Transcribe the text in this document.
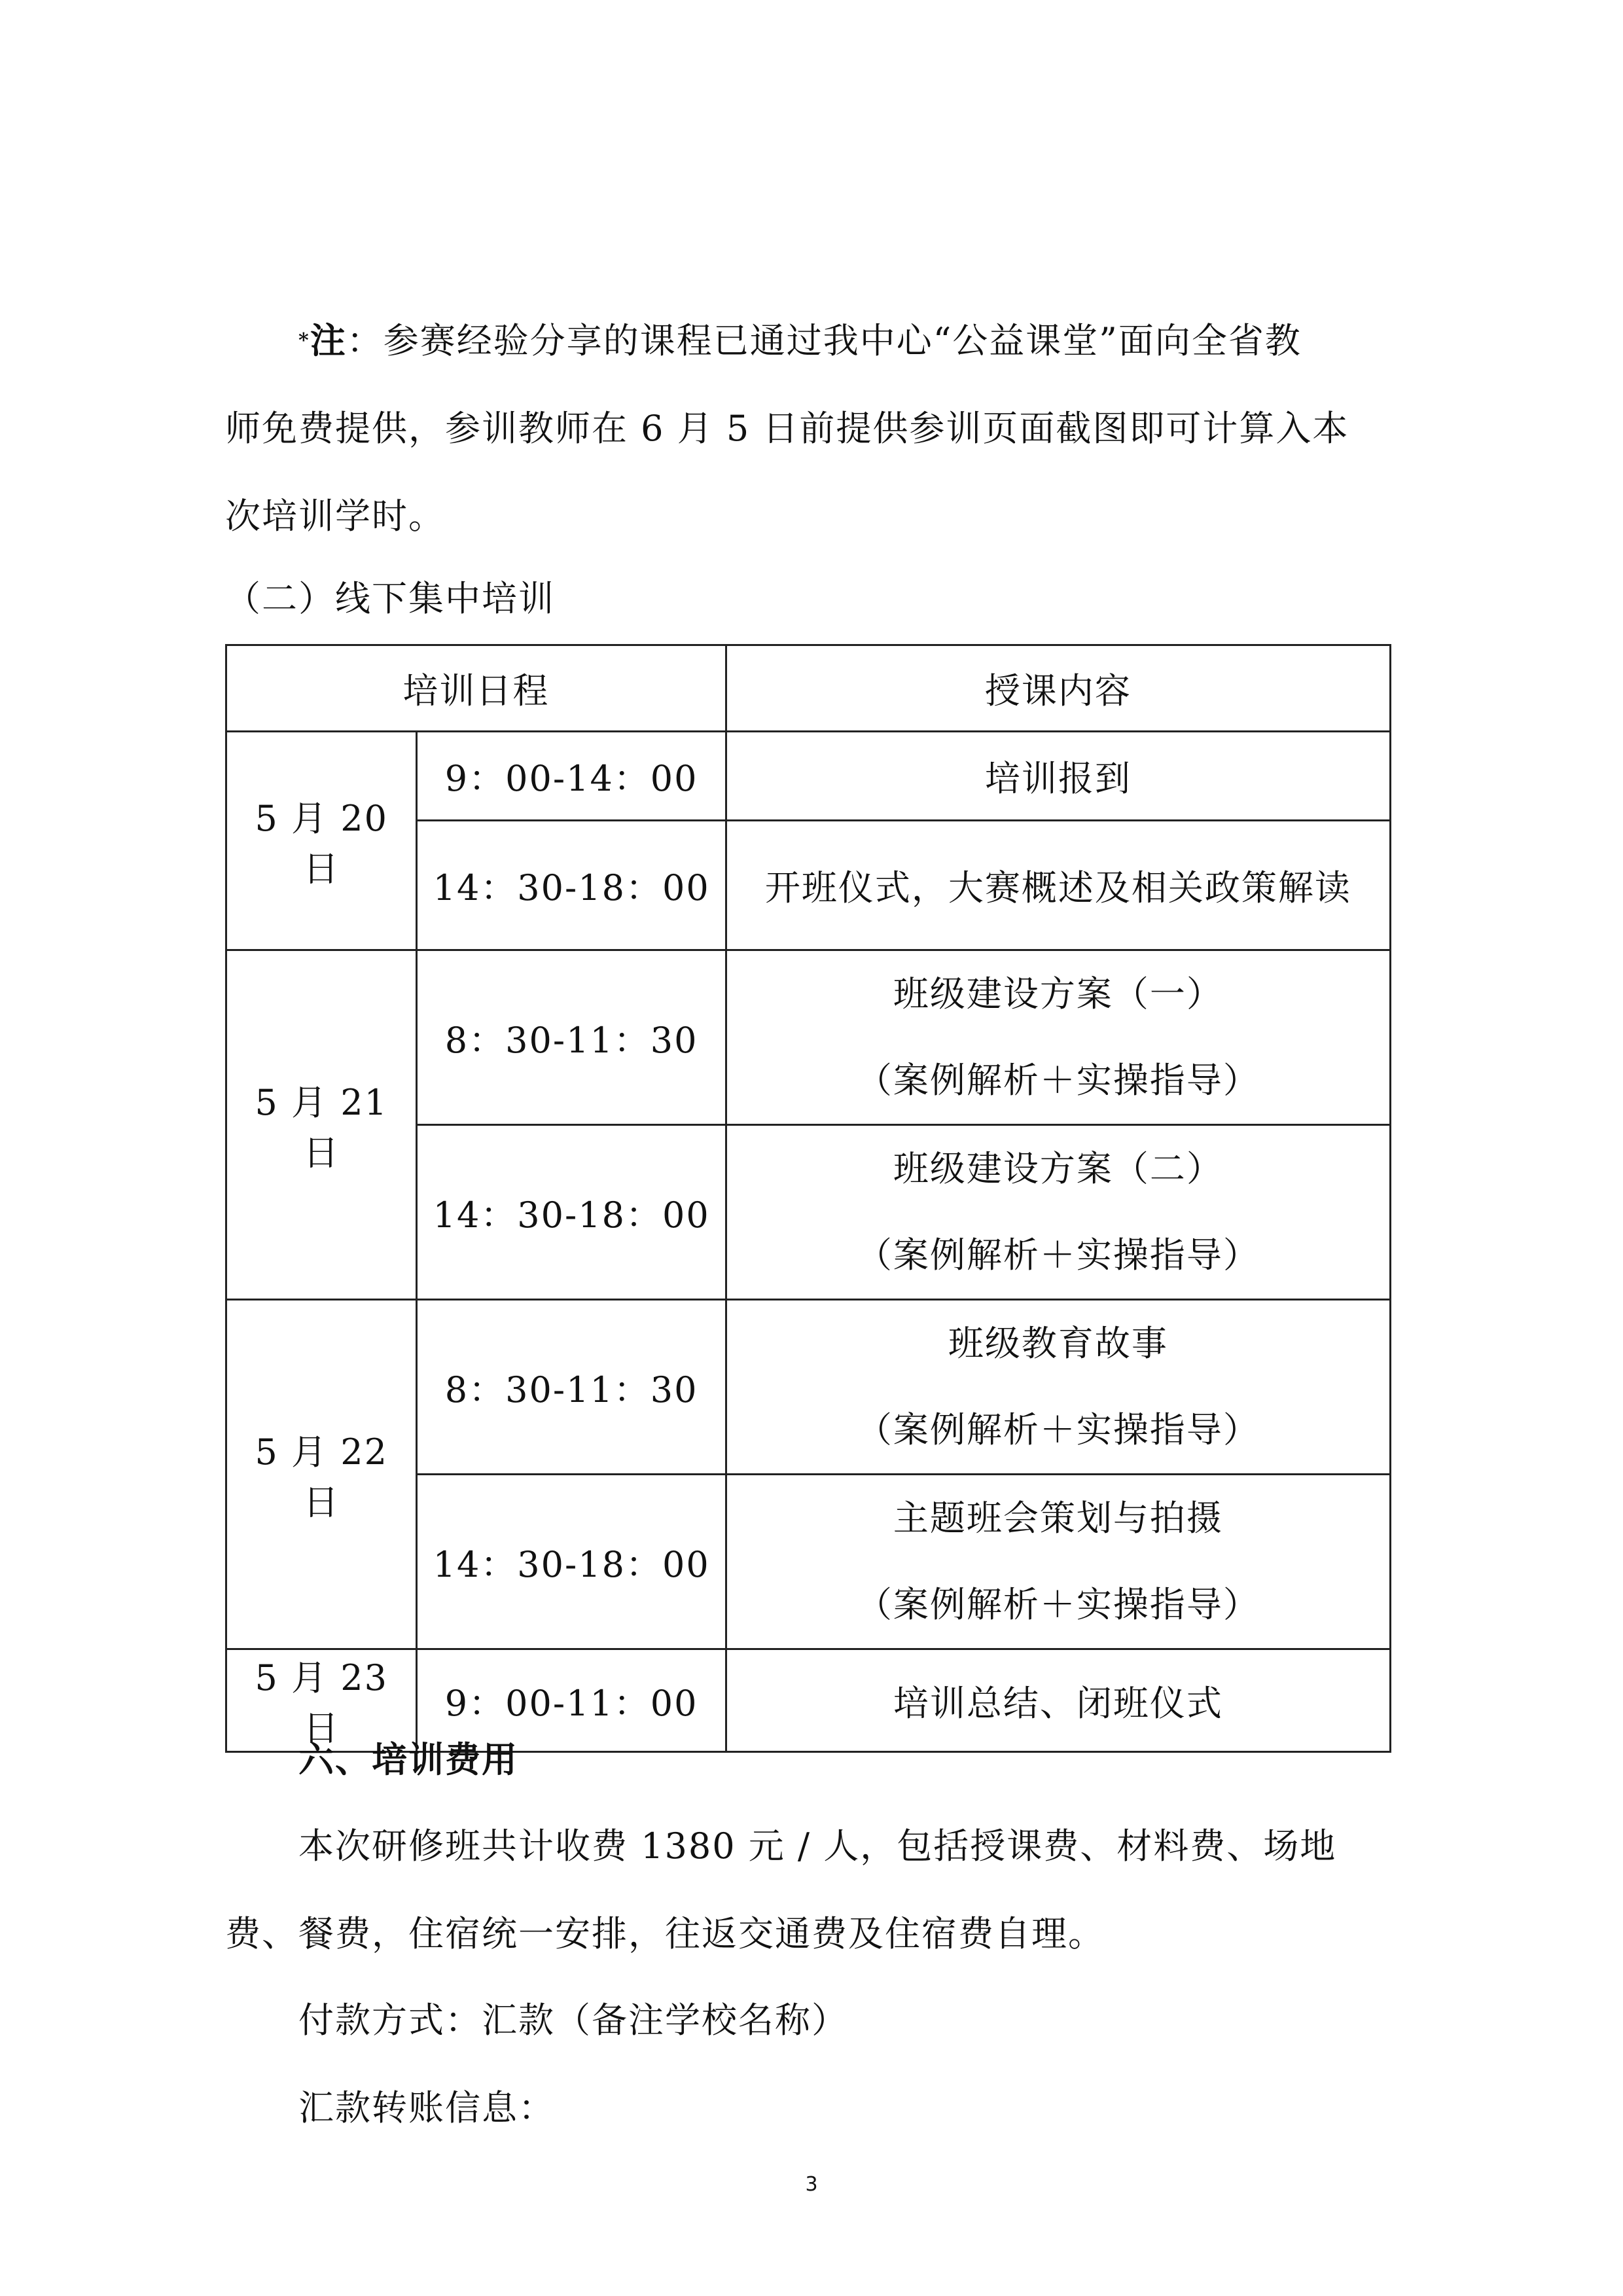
*注：参赛经验分享的课程已通过我中心“公益课堂”面向全省教
师免费提供，参训教师在 6 月 5 日前提供参训页面截图即可计算入本
次培训学时。
（二）线下集中培训
培训日程		授课内容
5 月 20 日	9：00-14：00	培训报到
	14：30-18：00	开班仪式，大赛概述及相关政策解读
5 月 21 日	8：30-11：30	班级建设方案（一）
（案例解析＋实操指导）

	14：30-18：00	班级建设方案（二）
（案例解析＋实操指导）

5 月 22 日	8：30-11：30	班级教育故事
（案例解析＋实操指导）

	14：30-18：00	主题班会策划与拍摄
（案例解析＋实操指导）

5 月 23 日	9：00-11：00	培训总结、闭班仪式
六、培训费用
本次研修班共计收费 1380 元 / 人，包括授课费、材料费、场地
费、餐费，住宿统一安排，往返交通费及住宿费自理。
付款方式：汇款（备注学校名称）
汇款转账信息：
3
